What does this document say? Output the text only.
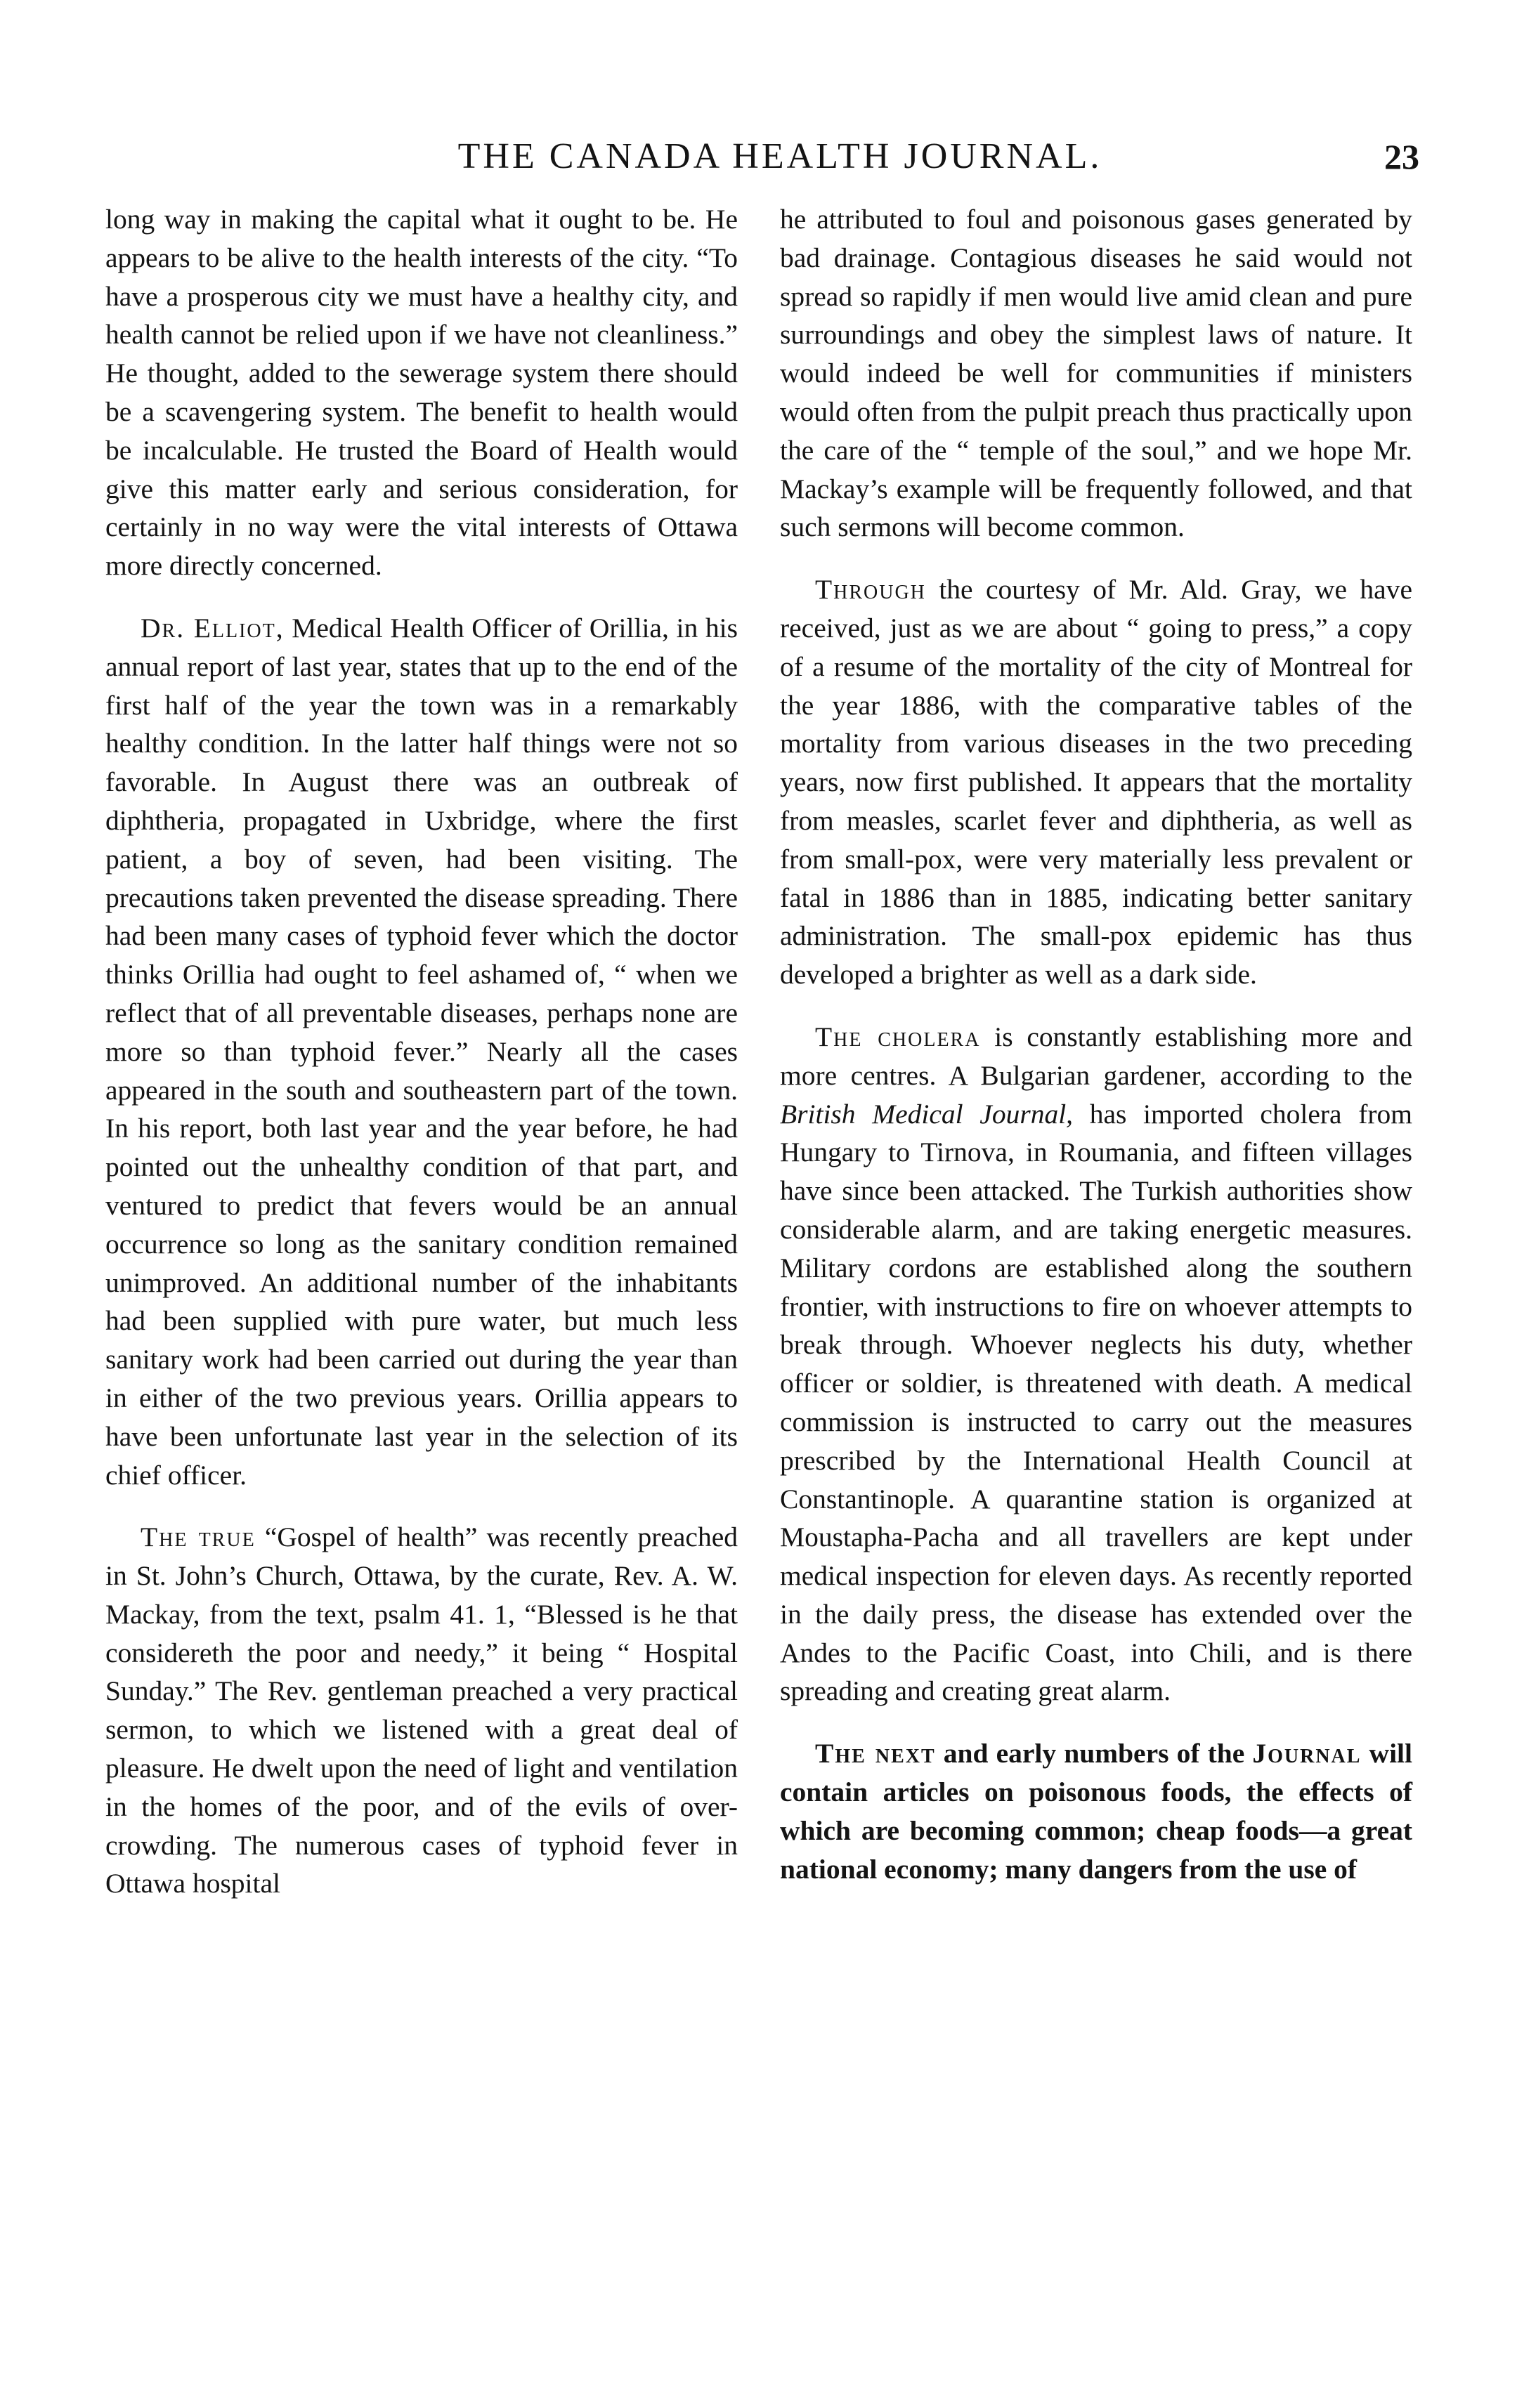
THE CANADA HEALTH JOURNAL.	23

long way in making the capital what it ought to be. He appears to be alive to the health interests of the city. “To have a prosperous city we must have a healthy city, and health cannot be relied upon if we have not cleanliness.” He thought, added to the sewerage system there should be a scavengering system. The benefit to health would be incalculable. He trusted the Board of Health would give this matter early and serious consideration, for certainly in no way were the vital interests of Ottawa more directly concerned.

Dr. Elliot, Medical Health Officer of Orillia, in his annual report of last year, states that up to the end of the first half of the year the town was in a remarkably healthy condition. In the latter half things were not so favorable. In August there was an outbreak of diphtheria, propagated in Uxbridge, where the first patient, a boy of seven, had been visiting. The precautions taken prevented the disease spreading. There had been many cases of typhoid fever which the doctor thinks Orillia had ought to feel ashamed of, “ when we reflect that of all preventable diseases, perhaps none are more so than typhoid fever.” Nearly all the cases appeared in the south and southeastern part of the town. In his report, both last year and the year before, he had pointed out the unhealthy condition of that part, and ventured to predict that fevers would be an annual occurrence so long as the sanitary condition remained unimproved. An additional number of the inhabitants had been supplied with pure water, but much less sanitary work had been carried out during the year than in either of the two previous years. Orillia appears to have been unfortunate last year in the selection of its chief officer.

The true “Gospel of health” was recently preached in St. John’s Church, Ottawa, by the curate, Rev. A. W. Mackay, from the text, psalm 41. 1, “Blessed is he that considereth the poor and needy,” it being “ Hospital Sunday.” The Rev. gentleman preached a very practical sermon, to which we listened with a great deal of pleasure. He dwelt upon the need of light and ventilation in the homes of the poor, and of the evils of over-crowding. The numerous cases of typhoid fever in Ottawa hospital

he attributed to foul and poisonous gases generated by bad drainage. Contagious diseases he said would not spread so rapidly if men would live amid clean and pure surroundings and obey the simplest laws of nature. It would indeed be well for communities if ministers would often from the pulpit preach thus practically upon the care of the “ temple of the soul,” and we hope Mr. Mackay’s example will be frequently followed, and that such sermons will become common.

Through the courtesy of Mr. Ald. Gray, we have received, just as we are about “ going to press,” a copy of a resume of the mortality of the city of Montreal for the year 1886, with the comparative tables of the mortality from various diseases in the two preceding years, now first published. It appears that the mortality from measles, scarlet fever and diphtheria, as well as from small-pox, were very materially less prevalent or fatal in 1886 than in 1885, indicating better sanitary administration. The small-pox epidemic has thus developed a brighter as well as a dark side.

The cholera is constantly establishing more and more centres. A Bulgarian gardener, according to the British Medical Journal, has imported cholera from Hungary to Tirnova, in Roumania, and fifteen villages have since been attacked. The Turkish authorities show considerable alarm, and are taking energetic measures. Military cordons are established along the southern frontier, with instructions to fire on whoever attempts to break through. Whoever neglects his duty, whether officer or soldier, is threatened with death. A medical commission is instructed to carry out the measures prescribed by the International Health Council at Constantinople. A quarantine station is organized at Moustapha-Pacha and all travellers are kept under medical inspection for eleven days. As recently reported in the daily press, the disease has extended over the Andes to the Pacific Coast, into Chili, and is there spreading and creating great alarm.

The next and early numbers of the Journal will contain articles on poisonous foods, the effects of which are becoming common; cheap foods—a great national economy; many dangers from the use of
